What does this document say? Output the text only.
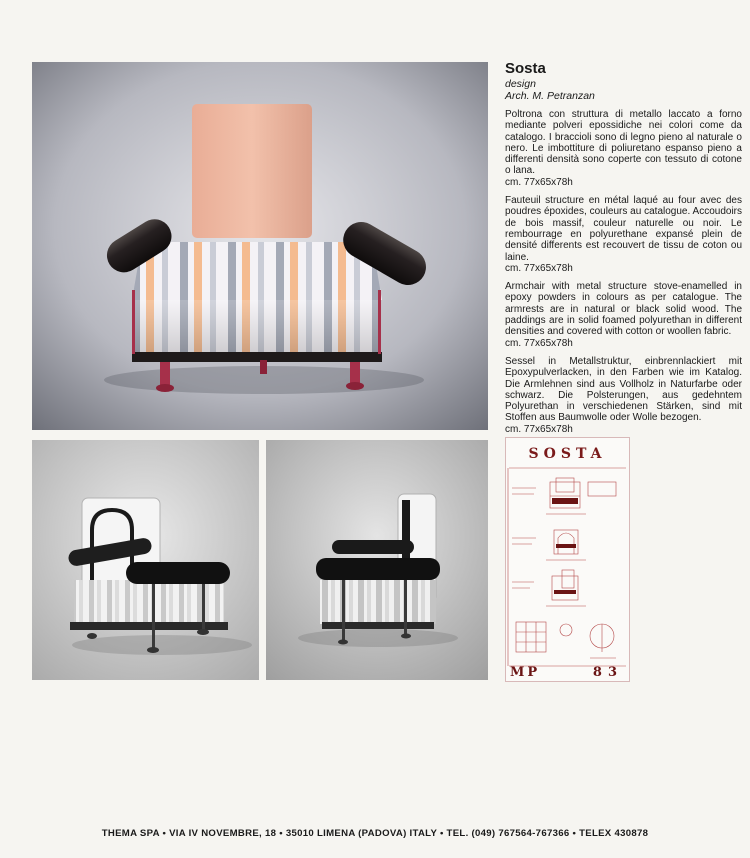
Sosta
design
Arch. M. Petranzan
Poltrona con struttura di metallo laccato a forno mediante polveri epossidiche nei colori come da catalogo. I braccioli sono di legno pieno al naturale o nero. Le imbottiture di poliuretano espanso pieno a differenti densità sono coperte con tessuto di cotone o lana.
cm. 77x65x78h
Fauteuil structure en métal laqué au four avec des poudres époxides, couleurs au catalogue. Accoudoirs de bois massif, couleur naturelle ou noir. Le rembourrage en polyurethane expansé plein de densité differents est recouvert de tissu de coton ou laine.
cm. 77x65x78h
Armchair with metal structure stove-enamelled in epoxy powders in colours as per catalogue. The armrests are in natural or black solid wood. The paddings are in solid foamed polyurethan in different densities and covered with cotton or woollen fabric.
cm. 77x65x78h
Sessel in Metallstruktur, einbrennlackiert mit Epoxypulverlacken, in den Farben wie im Katalog. Die Armlehnen sind aus Vollholz in Naturfarbe oder schwarz. Die Polsterungen, aus gedehntem Polyurethan in verschiedenen Stärken, sind mit Stoffen aus Baumwolle oder Wolle bezogen.
cm. 77x65x78h
SOSTA
MP	83
THEMA SPA • VIA IV NOVEMBRE, 18 • 35010 LIMENA (PADOVA) ITALY • TEL. (049) 767564-767366 • TELEX 430878
